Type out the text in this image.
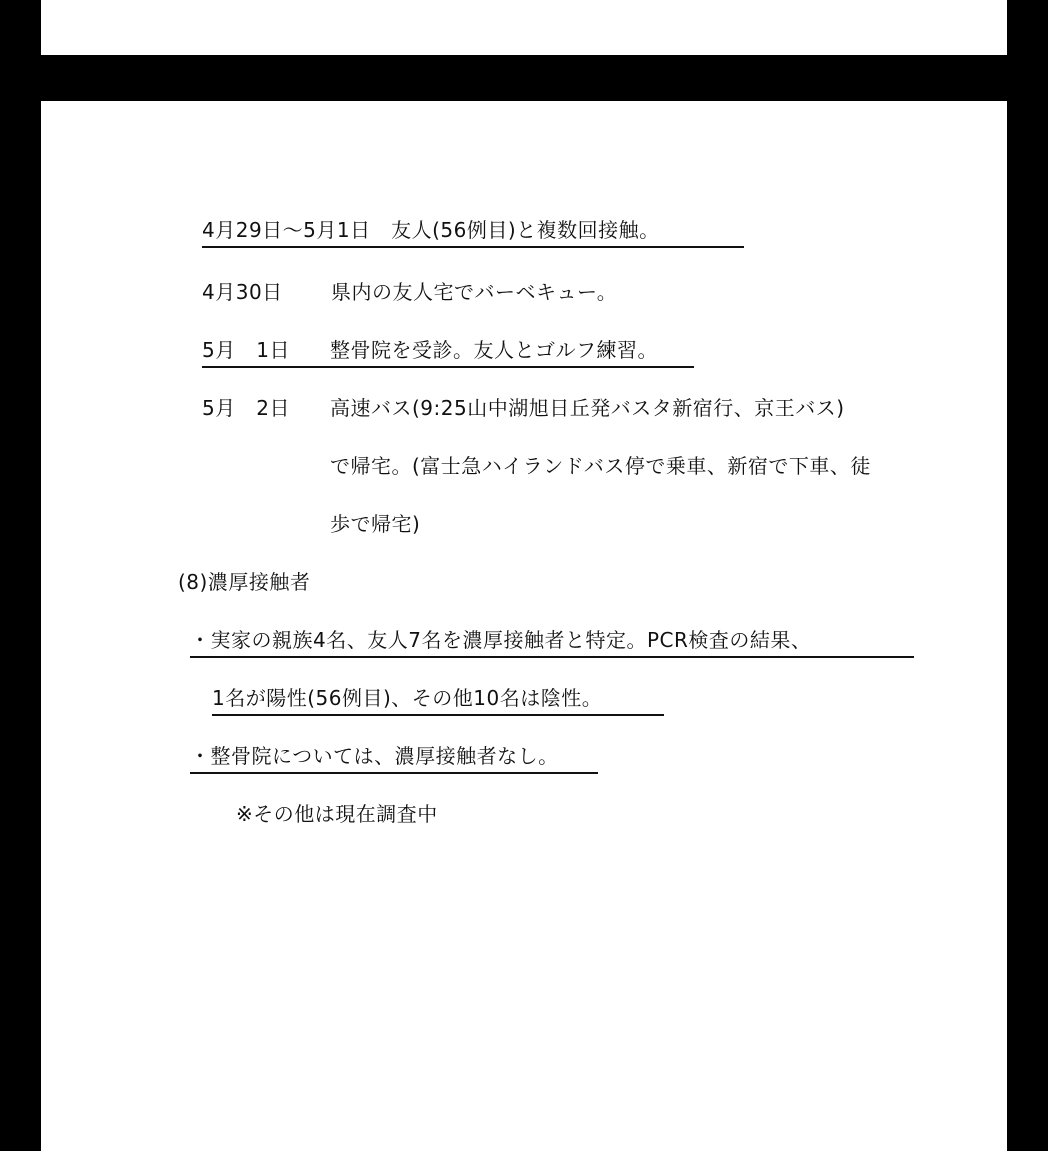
4月29日〜5月1日　 友人(56例目)と複数回接触。
4月30日 県内の友人宅でバーベキュー。
5月　1日 整骨院を受診。友人とゴルフ練習。
5月　2日 高速バス(9:25山中湖旭日丘発バスタ新宿行、京王バス)
で帰宅。(富士急ハイランドバス停で乗車、新宿で下車、徒
歩で帰宅)
(8)濃厚接触者
・実家の親族4名、友人7名を濃厚接触者と特定。PCR検査の結果、
1名が陽性(56例目)、その他10名は陰性。
・整骨院については、濃厚接触者なし。
※その他は現在調査中
